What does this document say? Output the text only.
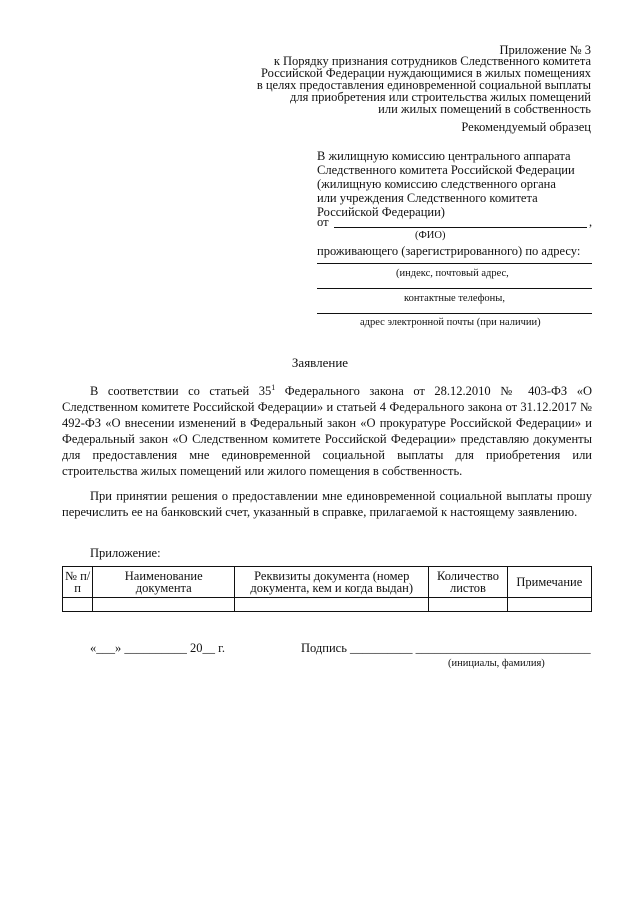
Приложение № 3
к Порядку признания сотрудников Следственного комитета
Российской Федерации нуждающимися в жилых помещениях
в целях предоставления единовременной социальной выплаты
для приобретения или строительства жилых помещений
или жилых помещений в собственность
Рекомендуемый образец
В жилищную комиссию центрального аппарата
Следственного комитета Российской Федерации
(жилищную комиссию следственного органа
или учреждения Следственного комитета
Российской Федерации)
от	,
(ФИО)
проживающего (зарегистрированного) по адресу:
(индекс, почтовый адрес,
контактные телефоны,
адрес электронной почты (при наличии)
Заявление
В соответствии со статьей $35^1$ Федерального закона от 28.12.2010 № 403-ФЗ «О Следственном комитете Российской Федерации» и статьей 4 Федерального закона от 31.12.2017 № 492-ФЗ «О внесении изменений в Федеральный закон «О прокуратуре Российской Федерации» и Федеральный закон «О Следственном комитете Российской Федерации» представляю документы для предоставления мне единовременной социальной выплаты для приобретения или строительства жилых помещений или жилого помещения в собственность.
При принятии решения о предоставлении мне единовременной социальной выплаты прошу перечислить ее на банковский счет, указанный в справке, прилагаемой к настоящему заявлению.
Приложение:
№ п/п	Наименование документа	Реквизиты документа (номер документа, кем и когда выдан)	Количество листов	Примечание

«___» __________ 20__ г.	Подпись __________ ____________________________
(инициалы, фамилия)
